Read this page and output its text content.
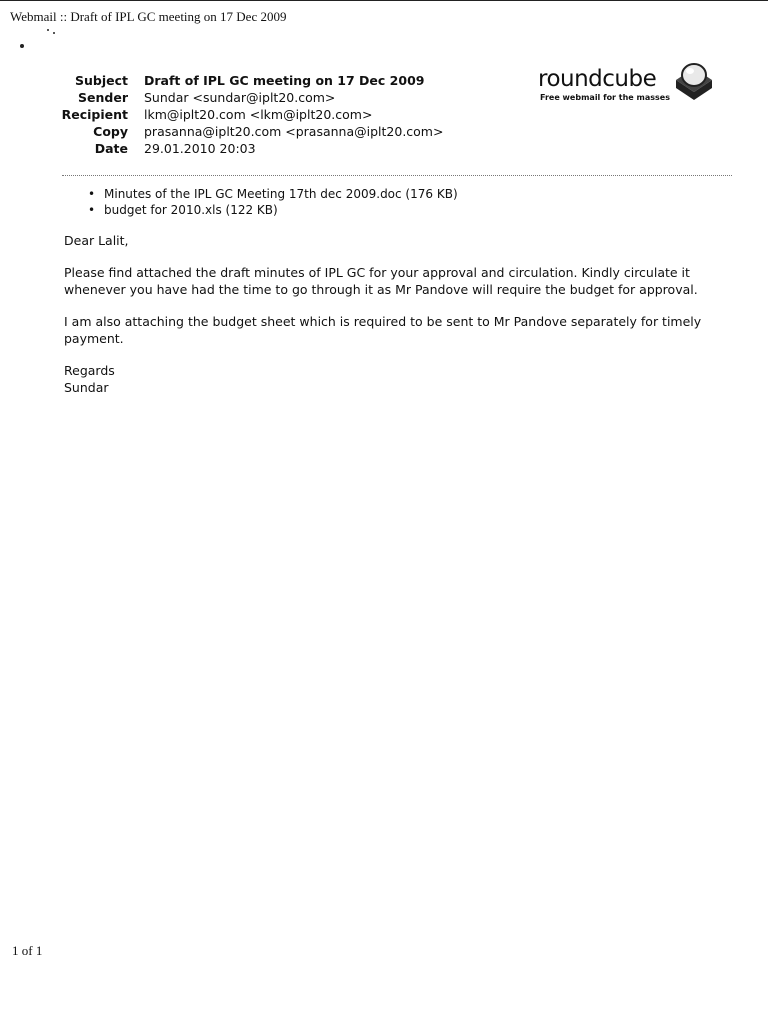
Webmail :: Draft of IPL GC meeting on 17 Dec 2009
Subject	Draft of IPL GC meeting on 17 Dec 2009
Sender	Sundar <sundar@iplt20.com>
Recipient	lkm@iplt20.com <lkm@iplt20.com>
Copy	prasanna@iplt20.com <prasanna@iplt20.com>
Date	29.01.2010 20:03
roundcube
Free webmail for the masses
• Minutes of the IPL GC Meeting 17th dec 2009.doc (176 KB)
• budget for 2010.xls (122 KB)

Dear Lalit,

Please find attached the draft minutes of IPL GC for your approval and circulation. Kindly circulate it whenever you have had the time to go through it as Mr Pandove will require the budget for approval.

I am also attaching the budget sheet which is required to be sent to Mr Pandove separately for timely payment.

Regards

Sundar

1 of 1
